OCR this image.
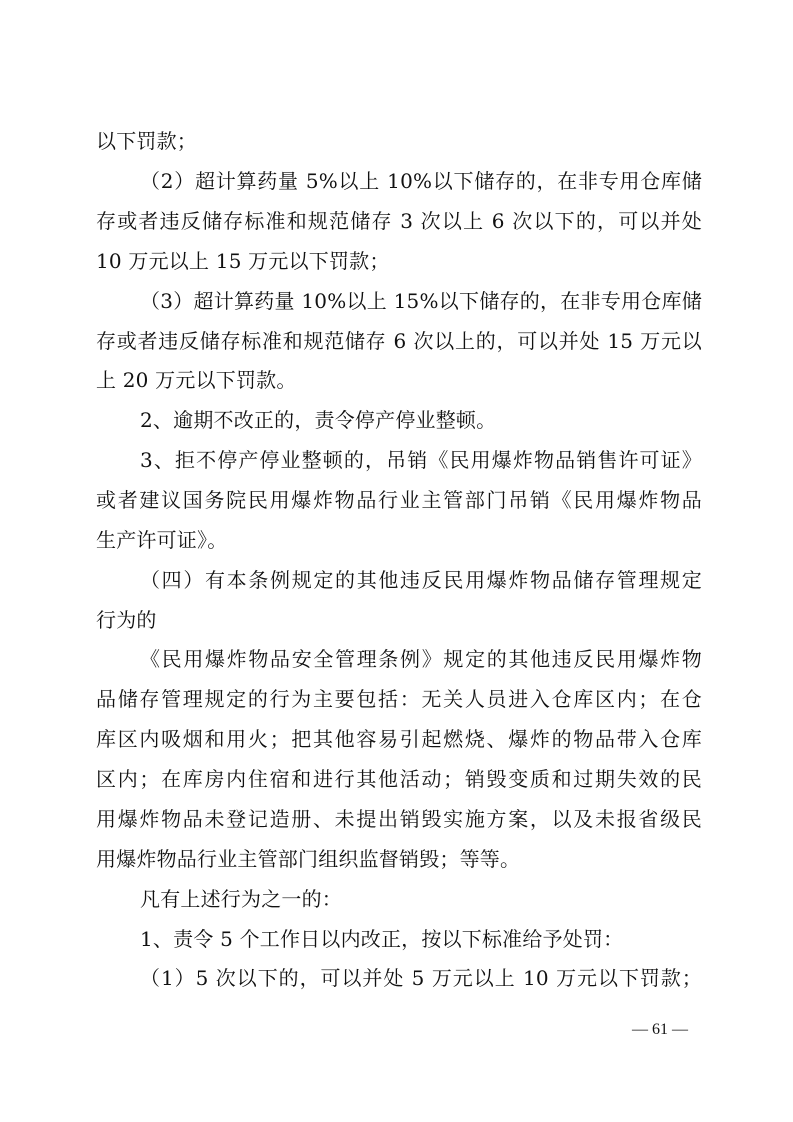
以下罚款；
（2）超计算药量 5%以上 10%以下储存的，在非专用仓库储
存或者违反储存标准和规范储存 3 次以上 6 次以下的，可以并处
10 万元以上 15 万元以下罚款；
（3）超计算药量 10%以上 15%以下储存的，在非专用仓库储
存或者违反储存标准和规范储存 6 次以上的，可以并处 15 万元以
上 20 万元以下罚款。
2、逾期不改正的，责令停产停业整顿。
3、拒不停产停业整顿的，吊销《民用爆炸物品销售许可证》
或者建议国务院民用爆炸物品行业主管部门吊销《民用爆炸物品
生产许可证》。
（四）有本条例规定的其他违反民用爆炸物品储存管理规定
行为的
《民用爆炸物品安全管理条例》规定的其他违反民用爆炸物
品储存管理规定的行为主要包括：无关人员进入仓库区内；在仓
库区内吸烟和用火；把其他容易引起燃烧、爆炸的物品带入仓库
区内；在库房内住宿和进行其他活动；销毁变质和过期失效的民
用爆炸物品未登记造册、未提出销毁实施方案，以及未报省级民
用爆炸物品行业主管部门组织监督销毁；等等。
凡有上述行为之一的：
1、责令 5 个工作日以内改正，按以下标准给予处罚：
（1）5 次以下的，可以并处 5 万元以上 10 万元以下罚款；
— 61 —
